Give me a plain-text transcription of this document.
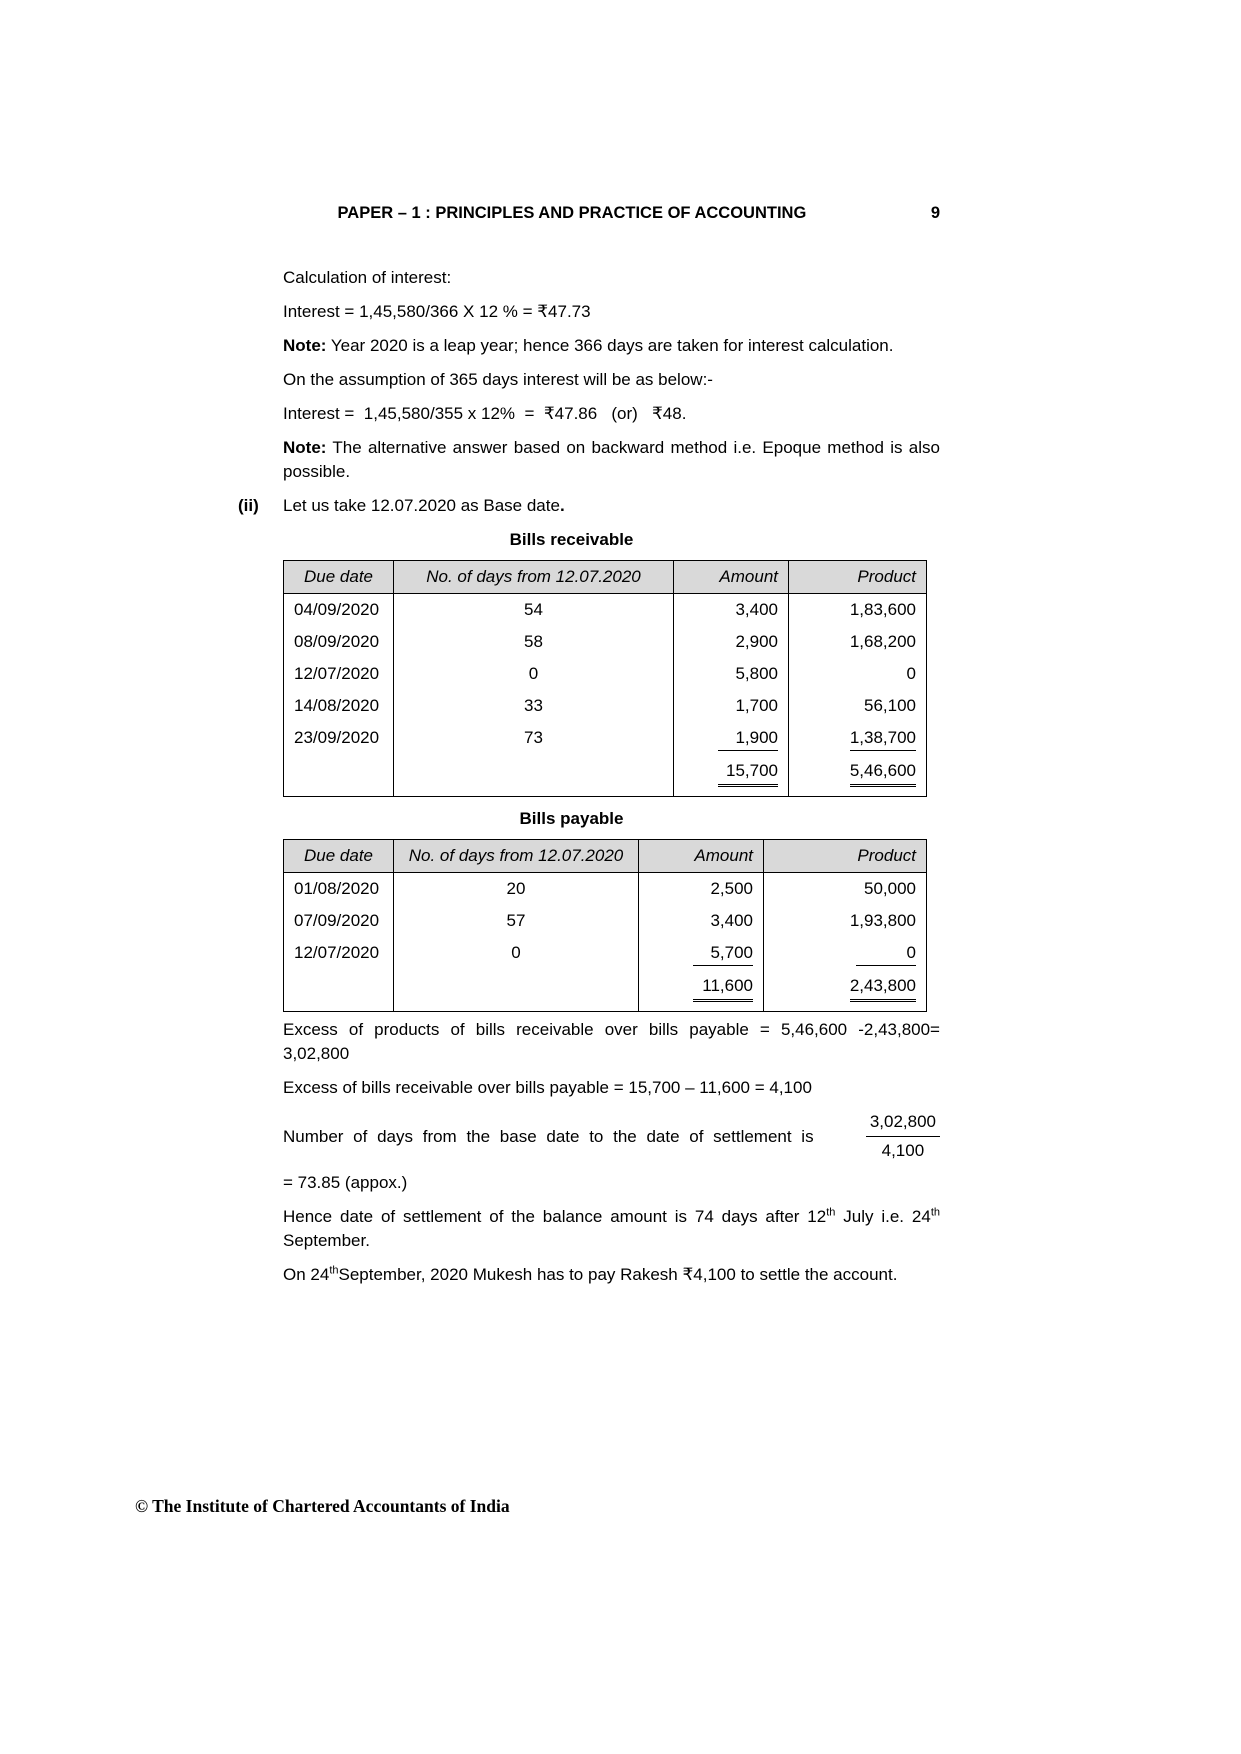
PAPER – 1 : PRINCIPLES AND PRACTICE OF ACCOUNTING	9

Calculation of interest:

Interest = 1,45,580/366 X 12 % = ₹47.73

Note: Year 2020 is a leap year; hence 366 days are taken for interest calculation.

On the assumption of 365 days interest will be as below:-

Interest =  1,45,580/355 x 12%  =  ₹47.86   (or)   ₹48.

Note: The alternative answer based on backward method i.e. Epoque method is also possible.

(ii) Let us take 12.07.2020 as Base date.

Bills receivable
Due date	No. of days from 12.07.2020	Amount	Product
04/09/2020	54	3,400	1,83,600
08/09/2020	58	2,900	1,68,200
12/07/2020	0	5,800	0
14/08/2020	33	1,700	56,100
23/09/2020	73	1,900	1,38,700
		15,700	5,46,600
Bills payable
Due date	No. of days from 12.07.2020	Amount	Product
01/08/2020	20	2,500	50,000
07/09/2020	57	3,400	1,93,800
12/07/2020	0	5,700	0
		11,600	2,43,800

Excess of products of bills receivable over bills payable = 5,46,600 -2,43,800= 3,02,800

Excess of bills receivable over bills payable = 15,700 – 11,600 = 4,100

Number of days from the base date to the date of settlement is	$\frac{3,02,800}{4,100}$

= 73.85 (appox.)

Hence date of settlement of the balance amount is 74 days after 12th July i.e. 24th September.

On 24thSeptember, 2020 Mukesh has to pay Rakesh ₹4,100 to settle the account.

© The Institute of Chartered Accountants of India
